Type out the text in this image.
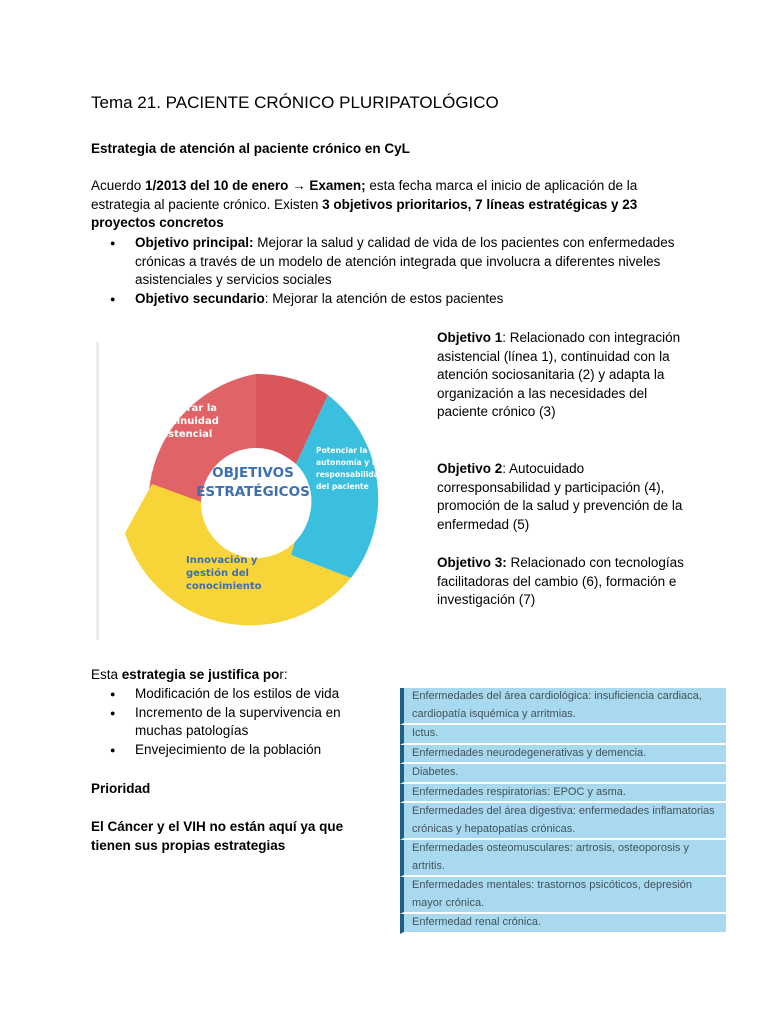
Tema 21. PACIENTE CRÓNICO PLURIPATOLÓGICO
Estrategia de atención al paciente crónico en CyL

Acuerdo 1/2013 del 10 de enero → Examen; esta fecha marca el inicio de aplicación de la estrategia al paciente crónico. Existen 3 objetivos prioritarios, 7 líneas estratégicas y 23 proyectos concretos

● Objetivo principal: Mejorar la salud y calidad de vida de los pacientes con enfermedades crónicas a través de un modelo de atención integrada que involucra a diferentes niveles asistenciales y servicios sociales
● Objetivo secundario: Mejorar la atención de estos pacientes
OBJETIVOS
ESTRATÉGICOS
Asegurar la
continuidad
asistencial
Potenciar la
autonomía y la
responsabilidad
del paciente
Innovación y
gestión del
conocimiento

Objetivo 1: Relacionado con integración asistencial (línea 1), continuidad con la atención sociosanitaria (2) y adapta la organización a las necesidades del paciente crónico (3)

Objetivo 2: Autocuidado corresponsabilidad y participación (4), promoción de la salud y prevención de la enfermedad (5)

Objetivo 3: Relacionado con tecnologías facilitadoras del cambio (6), formación e investigación (7)

Esta estrategia se justifica por:

● Modificación de los estilos de vida
● Incremento de la supervivencia en muchas patologías
● Envejecimiento de la población

Prioridad

El Cáncer y el VIH no están aquí ya que tienen sus propias estrategias

Enfermedades del área cardiológica: insuficiencia cardiaca, cardiopatía isquémica y arritmias.
Ictus.
Enfermedades neurodegenerativas y demencia.
Diabetes.
Enfermedades respiratorias: EPOC y asma.
Enfermedades del área digestiva: enfermedades inflamatorias crónicas y hepatopatías crónicas.
Enfermedades osteomusculares: artrosis, osteoporosis y artritis.
Enfermedades mentales: trastornos psicóticos, depresión mayor crónica.
Enfermedad renal crónica.
